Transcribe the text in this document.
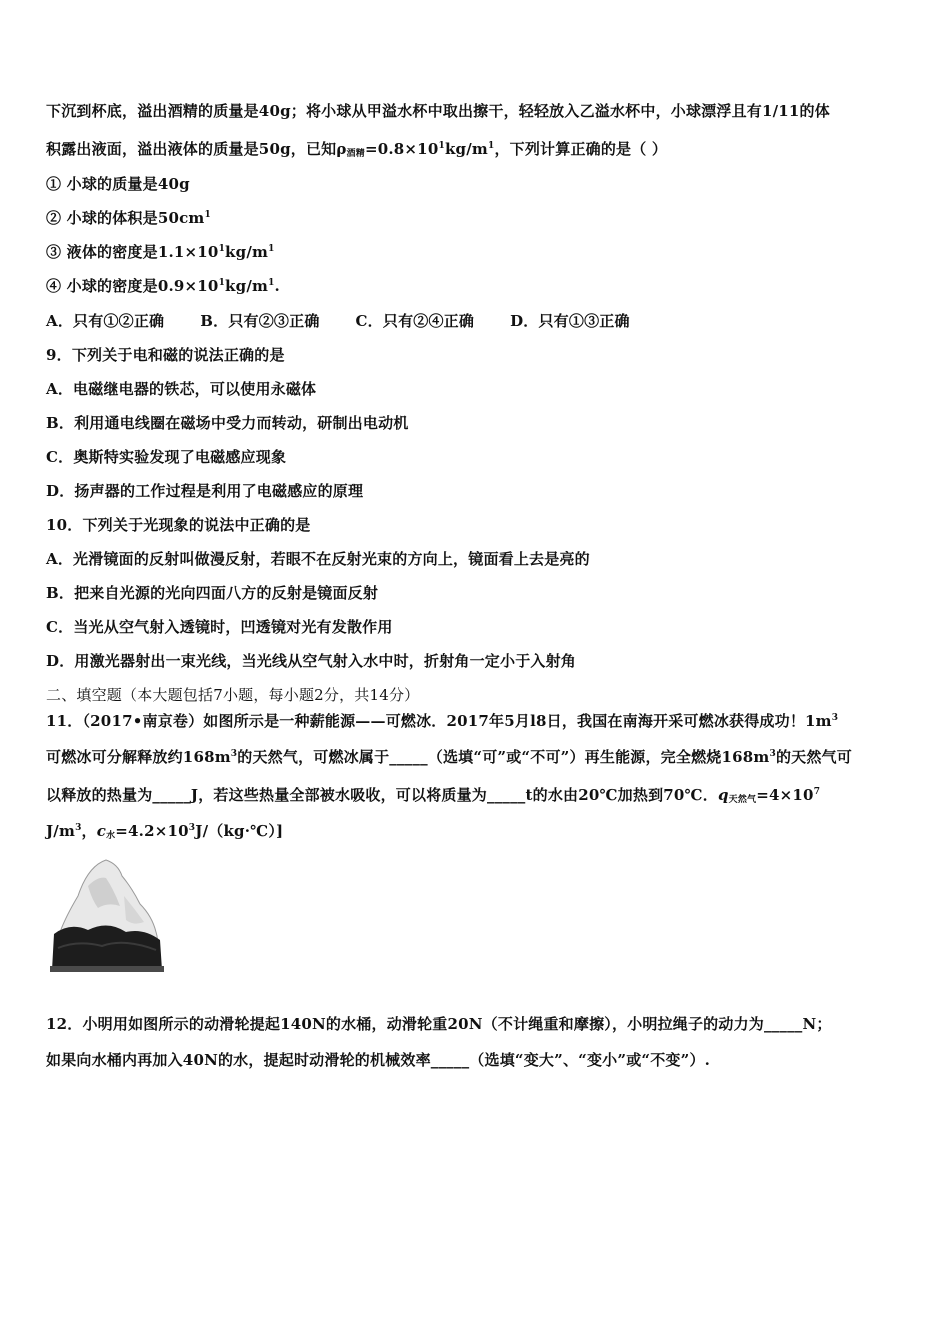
下沉到杯底，溢出酒精的质量是40g；将小球从甲溢水杯中取出擦干，轻轻放入乙溢水杯中，小球漂浮且有1/11的体
积露出液面，溢出液体的质量是50g，已知$\rho_{酒精}=0.8\times 10^1kg/m^1$，下列计算正确的是（ ）
① 小球的质量是40g
② 小球的体积是$50cm^1$
③ 液体的密度是$1.1\times 10^1kg/m^1$
④ 小球的密度是$0.9\times 10^1kg/m^1$.
A．只有①②正确 B．只有②③正确 C．只有②④正确 D．只有①③正确
9．下列关于电和磁的说法正确的是
A．电磁继电器的铁芯，可以使用永磁体
B．利用通电线圈在磁场中受力而转动，研制出电动机
C．奥斯特实验发现了电磁感应现象
D．扬声器的工作过程是利用了电磁感应的原理
10．下列关于光现象的说法中正确的是
A．光滑镜面的反射叫做漫反射，若眼不在反射光束的方向上，镜面看上去是亮的
B．把来自光源的光向四面八方的反射是镜面反射
C．当光从空气射入透镜时，凹透镜对光有发散作用
D．用激光器射出一束光线，当光线从空气射入水中时，折射角一定小于入射角
二、填空题（本大题包括7小题，每小题2分，共14分）
11．（2017•南京卷）如图所示是一种薪能源——可燃冰．2017年5月l8日，我国在南海开采可燃冰获得成功！$1m^3$
可燃冰可分解释放约$168m^3$的天然气，可燃冰属于_____（选填“可”或“不可”）再生能源，完全燃烧$168m^3$的天然气可
以释放的热量为_____J，若这些热量全部被水吸收，可以将质量为_____t的水由20℃加热到70℃．$q_{天然气}=4\times 10^7$
$J/m^3$，$c_水=4.2\times 10^3J/(kg\cdot℃)$]
12．小明用如图所示的动滑轮提起140N的水桶，动滑轮重20N（不计绳重和摩擦），小明拉绳子的动力为_____N；
如果向水桶内再加入40N的水，提起时动滑轮的机械效率_____（选填“变大”、“变小”或“不变”）.
